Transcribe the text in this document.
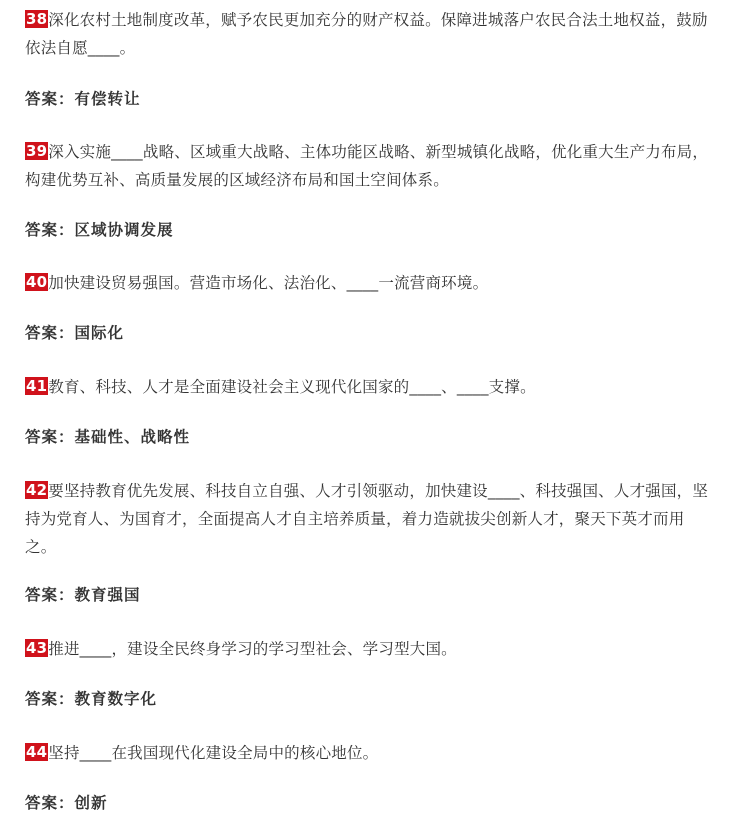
38深化农村土地制度改革，赋予农民更加充分的财产权益。保障进城落户农民合法土地权益，鼓励依法自愿____。
答案：有偿转让
39深入实施____战略、区域重大战略、主体功能区战略、新型城镇化战略，优化重大生产力布局，构建优势互补、高质量发展的区域经济布局和国土空间体系。
答案：区域协调发展
40加快建设贸易强国。营造市场化、法治化、____一流营商环境。
答案：国际化
41教育、科技、人才是全面建设社会主义现代化国家的____、____支撑。
答案：基础性、战略性
42要坚持教育优先发展、科技自立自强、人才引领驱动，加快建设____、科技强国、人才强国，坚持为党育人、为国育才，全面提高人才自主培养质量，着力造就拔尖创新人才，聚天下英才而用之。
答案：教育强国
43推进____，建设全民终身学习的学习型社会、学习型大国。
答案：教育数字化
44坚持____在我国现代化建设全局中的核心地位。
答案：创新
